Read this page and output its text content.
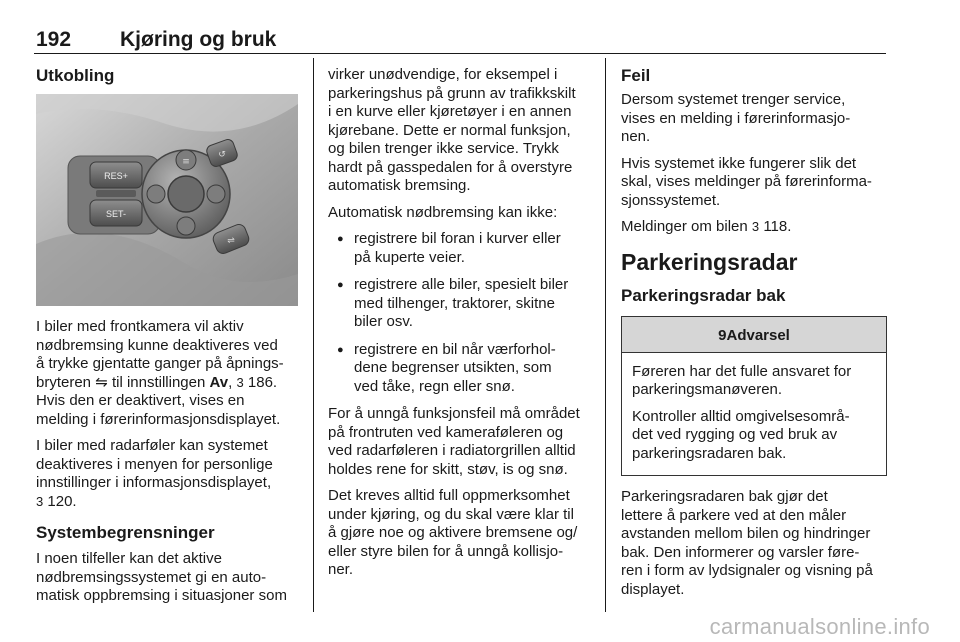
192 Kjøring og bruk
Utkobling
RES+
SET-
≡
↺
⇌

I biler med frontkamera vil aktiv
nødbremsing kunne deaktiveres ved
å trykke gjentatte ganger på åpnings-
bryteren ⇋ til innstillingen Av, 3 186.
Hvis den er deaktivert, vises en
melding i førerinformasjonsdisplayet.

I biler med radarføler kan systemet
deaktiveres i menyen for personlige
innstillinger i informasjonsdisplayet,
3 120.

Systembegrensninger

I noen tilfeller kan det aktive
nødbremsingssystemet gi en auto-
matisk oppbremsing i situasjoner som

virker unødvendige, for eksempel i
parkeringshus på grunn av trafikkskilt
i en kurve eller kjøretøyer i en annen
kjørebane. Dette er normal funksjon,
og bilen trenger ikke service. Trykk
hardt på gasspedalen for å overstyre
automatisk bremsing.

Automatisk nødbremsing kan ikke:

● registrere bil foran i kurver eller
på kuperte veier.
● registrere alle biler, spesielt biler
med tilhenger, traktorer, skitne
biler osv.
● registrere en bil når værforhol-
dene begrenser utsikten, som
ved tåke, regn eller snø.

For å unngå funksjonsfeil må området
på frontruten ved kameraføleren og
ved radarføleren i radiatorgrillen alltid
holdes rene for skitt, støv, is og snø.

Det kreves alltid full oppmerksomhet
under kjøring, og du skal være klar til
å gjøre noe og aktivere bremsene og/
eller styre bilen for å unngå kollisjo-
ner.

Feil

Dersom systemet trenger service,
vises en melding i førerinformasjo-
nen.

Hvis systemet ikke fungerer slik det
skal, vises meldinger på førerinforma-
sjonssystemet.

Meldinger om bilen 3 118.

Parkeringsradar
Parkeringsradar bak
9Advarsel

Føreren har det fulle ansvaret for
parkeringsmanøveren.

Kontroller alltid omgivelsesområ-
det ved rygging og ved bruk av
parkeringsradaren bak.

Parkeringsradaren bak gjør det
lettere å parkere ved at den måler
avstanden mellom bilen og hindringer
bak. Den informerer og varsler føre-
ren i form av lydsignaler og visning på
displayet.

carmanualsonline.info
